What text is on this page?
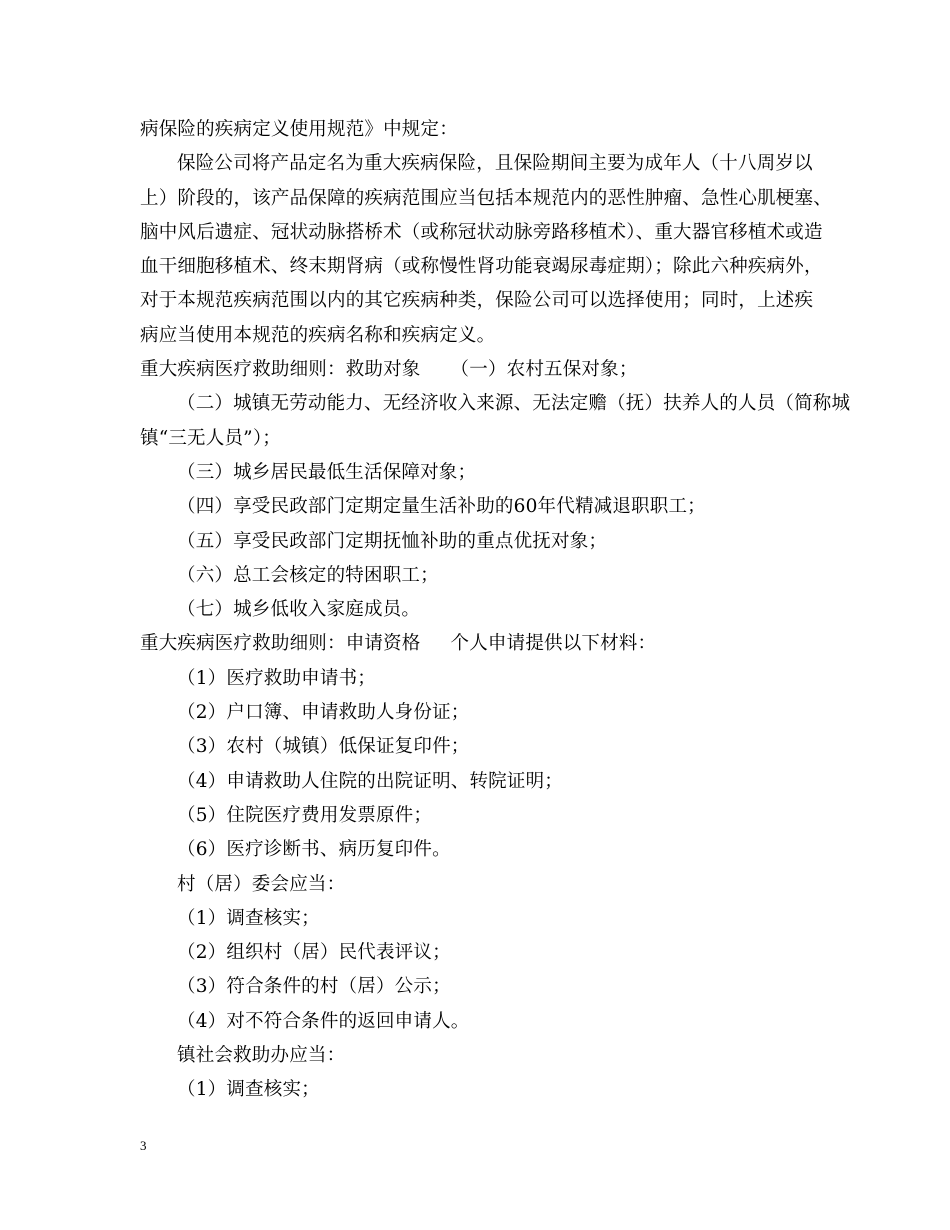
病保险的疾病定义使用规范》中规定：
保险公司将产品定名为重大疾病保险，且保险期间主要为成年人（十八周岁以
上）阶段的，该产品保障的疾病范围应当包括本规范内的恶性肿瘤、急性心肌梗塞、
脑中风后遗症、冠状动脉搭桥术（或称冠状动脉旁路移植术）、重大器官移植术或造
血干细胞移植术、终末期肾病（或称慢性肾功能衰竭尿毒症期）；除此六种疾病外，
对于本规范疾病范围以内的其它疾病种类，保险公司可以选择使用；同时，上述疾
病应当使用本规范的疾病名称和疾病定义。
重大疾病医疗救助细则：救助对象 （一）农村五保对象；
（二）城镇无劳动能力、无经济收入来源、无法定赡（抚）扶养人的人员（简称城
镇“三无人员”）；
（三）城乡居民最低生活保障对象；
（四）享受民政部门定期定量生活补助的60年代精减退职职工；
（五）享受民政部门定期抚恤补助的重点优抚对象；
（六）总工会核定的特困职工；
（七）城乡低收入家庭成员。
重大疾病医疗救助细则：申请资格 个人申请提供以下材料：
（1）医疗救助申请书；
（2）户口簿、申请救助人身份证；
（3）农村（城镇）低保证复印件；
（4）申请救助人住院的出院证明、转院证明；
（5）住院医疗费用发票原件；
（6）医疗诊断书、病历复印件。
村（居）委会应当：
（1）调查核实；
（2）组织村（居）民代表评议；
（3）符合条件的村（居）公示；
（4）对不符合条件的返回申请人。
镇社会救助办应当：
（1）调查核实；
3
